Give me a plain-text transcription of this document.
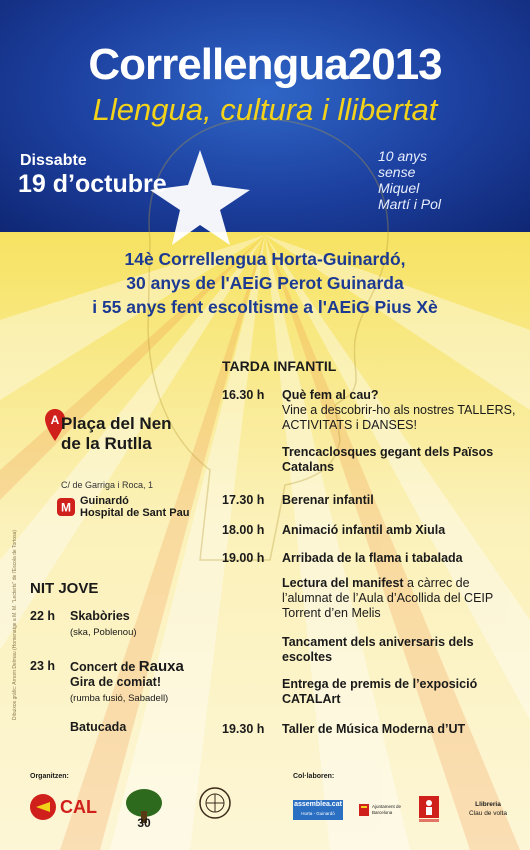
Correllengua2013
Llengua, cultura i llibertat
Dissabte
19 d’octubre
10 anys
sense
Miquel
Martí i Pol
14è Correllengua Horta-Guinardó,
30 anys de l'AEiG Perot Guinarda
i 55 anys fent escoltisme a l'AEiG Pius Xè
TARDA INFANTIL
16.30 h Què fem al cau?
Vine a descobrir-ho als nostres TALLERS, ACTIVITATS i DANSES!
Trencaclosques gegant dels Països Catalans
17.30 h Berenar infantil
18.00 h Animació infantil amb Xiula
19.00 h Arribada de la flama i tabalada
Lectura del manifest a càrrec de l’alumnat de l’Aula d’Acollida del CEIP Torrent d’en Melis
Tancament dels aniversaris dels escoltes
Entrega de premis de l’exposició CATALArt
19.30 h Taller de Música Moderna d’UT
A Plaça del Nen
de la Rutlla
C/ de Garriga i Roca, 1
M Guinardó
Hospital de Sant Pau
NIT JOVE
22 h Skabòries
(ska, Poblenou)
23 h Concert de Rauxa
Gira de comiat!
(rumba fusió, Sabadell)
Batucada
Dibuixos gràfic: Arnom Delmau (Homenatge a M. M. "Lecterts" de l'Escola de Tortosa)
Organitzen:	Col·laboren:
CAL
30
assemblea.cat
Horta - Guinardó
Ajuntament de Barcelona
Llibreria
Clau de volta
